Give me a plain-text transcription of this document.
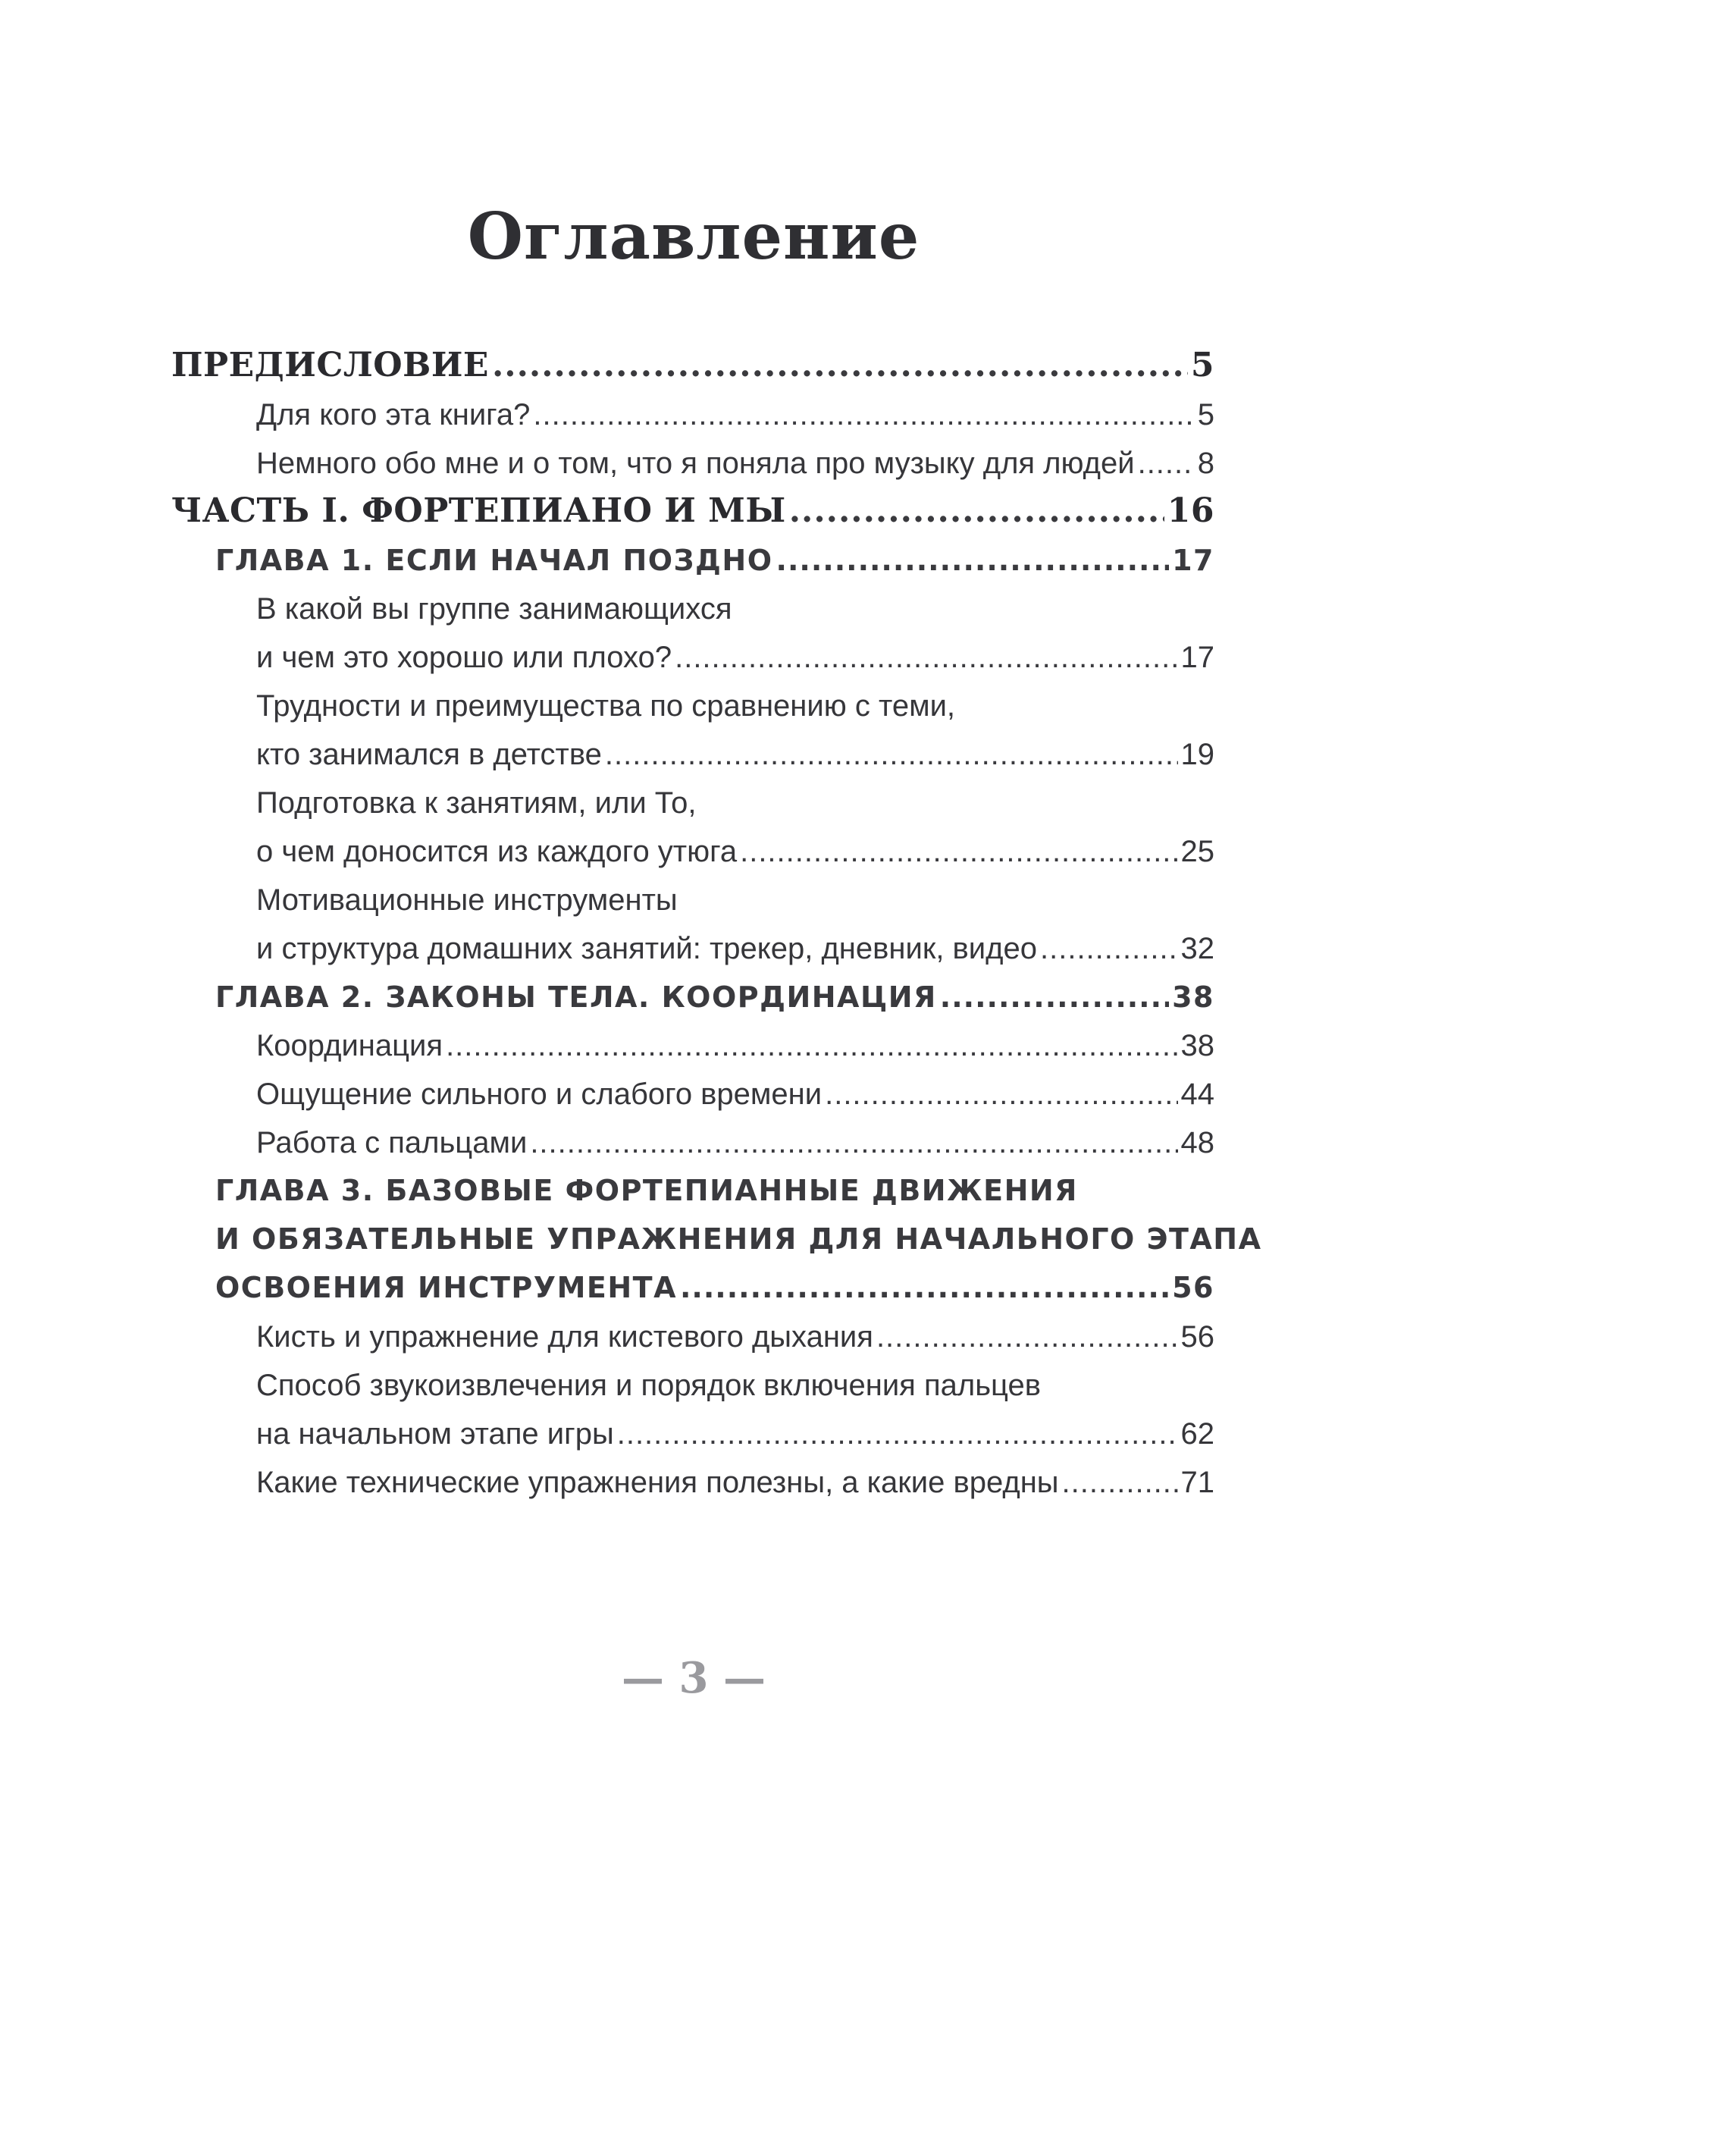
Оглавление
ПРЕДИСЛОВИЕ .....	5
Для кого эта книга? .....	5
Немного обо мне и о том, что я поняла про музыку для людей ..... 8
ЧАСТЬ I. ФОРТЕПИАНО И МЫ .....	16
ГЛАВА 1. ЕСЛИ НАЧАЛ ПОЗДНО .....	17
В какой вы группе занимающихся
и чем это хорошо или плохо? .....	17
Трудности и преимущества по сравнению с теми,
кто занимался в детстве .....	19
Подготовка к занятиям, или То,
о чем доносится из каждого утюга .....	25
Мотивационные инструменты
и структура домашних занятий: трекер, дневник, видео .....	32
ГЛАВА 2. ЗАКОНЫ ТЕЛА. КООРДИНАЦИЯ .....	38
Координация .....	38
Ощущение сильного и слабого времени .....	44
Работа с пальцами .....	48
ГЛАВА 3. БАЗОВЫЕ ФОРТЕПИАННЫЕ ДВИЖЕНИЯ
И ОБЯЗАТЕЛЬНЫЕ УПРАЖНЕНИЯ ДЛЯ НАЧАЛЬНОГО ЭТАПА
ОСВОЕНИЯ ИНСТРУМЕНТА .....	56
Кисть и упражнение для кистевого дыхания .....	56
Способ звукоизвлечения и порядок включения пальцев
на начальном этапе игры .....	62
Какие технические упражнения полезны, а какие вредны .....	71
— 3 —
